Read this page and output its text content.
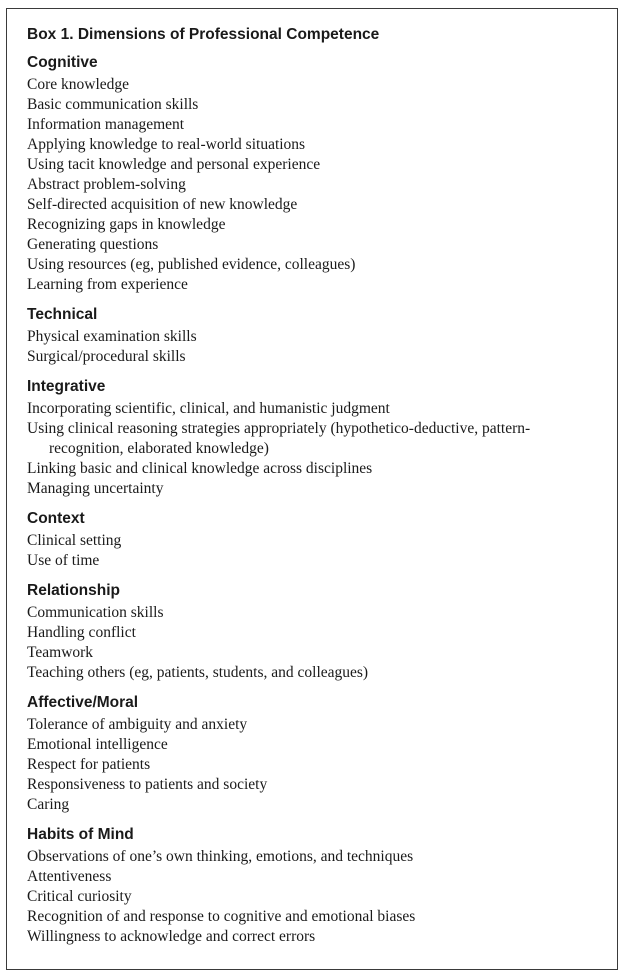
Box 1. Dimensions of Professional Competence
Cognitive
Core knowledge
Basic communication skills
Information management
Applying knowledge to real-world situations
Using tacit knowledge and personal experience
Abstract problem-solving
Self-directed acquisition of new knowledge
Recognizing gaps in knowledge
Generating questions
Using resources (eg, published evidence, colleagues)
Learning from experience
Technical
Physical examination skills
Surgical/procedural skills
Integrative
Incorporating scientific, clinical, and humanistic judgment
Using clinical reasoning strategies appropriately (hypothetico-deductive, pattern-recognition, elaborated knowledge)
Linking basic and clinical knowledge across disciplines
Managing uncertainty
Context
Clinical setting
Use of time
Relationship
Communication skills
Handling conflict
Teamwork
Teaching others (eg, patients, students, and colleagues)
Affective/Moral
Tolerance of ambiguity and anxiety
Emotional intelligence
Respect for patients
Responsiveness to patients and society
Caring
Habits of Mind
Observations of one’s own thinking, emotions, and techniques
Attentiveness
Critical curiosity
Recognition of and response to cognitive and emotional biases
Willingness to acknowledge and correct errors
